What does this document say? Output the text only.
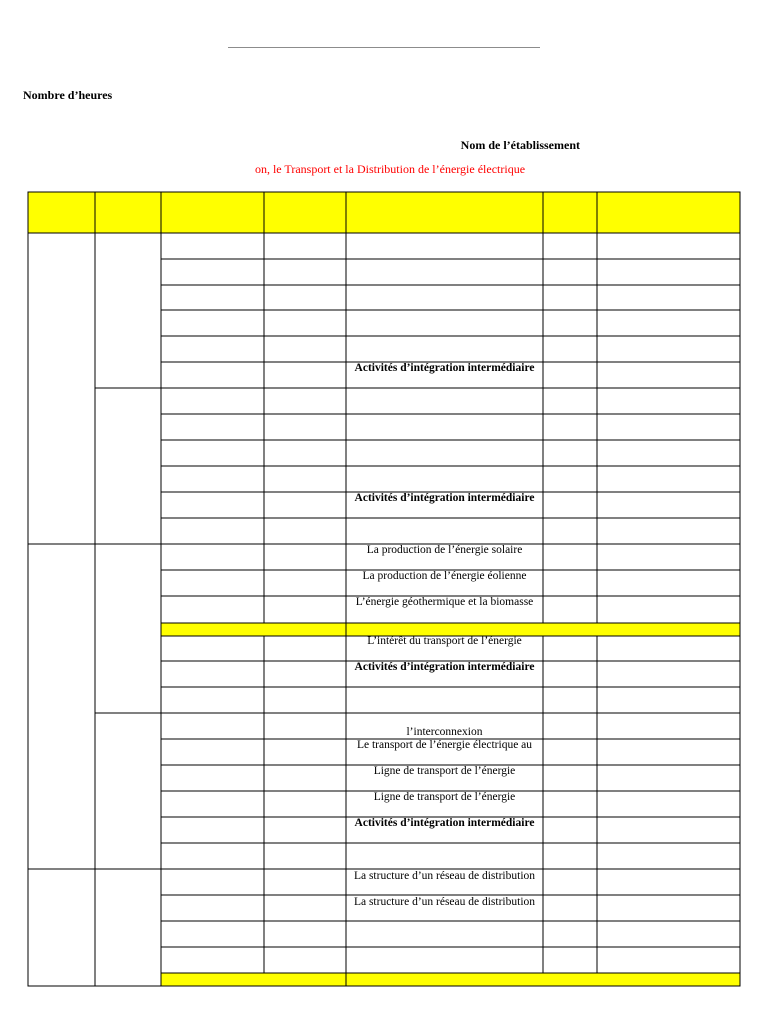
Nombre d’heures
Nom de l’établissement
on, le Transport et la Distribution de l’énergie électrique
Activités d’intégration intermédiaire
Activités d’intégration intermédiaire
La production de l’énergie solaire
La production de l’énergie éolienne
L’énergie géothermique et la biomasse
L’intérêt du transport de l’énergie
Activités d’intégration intermédiaire
l’interconnexion
Le transport de l’énergie électrique au
Ligne de transport de l’énergie
Ligne de transport de l’énergie
Activités d’intégration intermédiaire
La structure d’un réseau de distribution
La structure d’un réseau de distribution
